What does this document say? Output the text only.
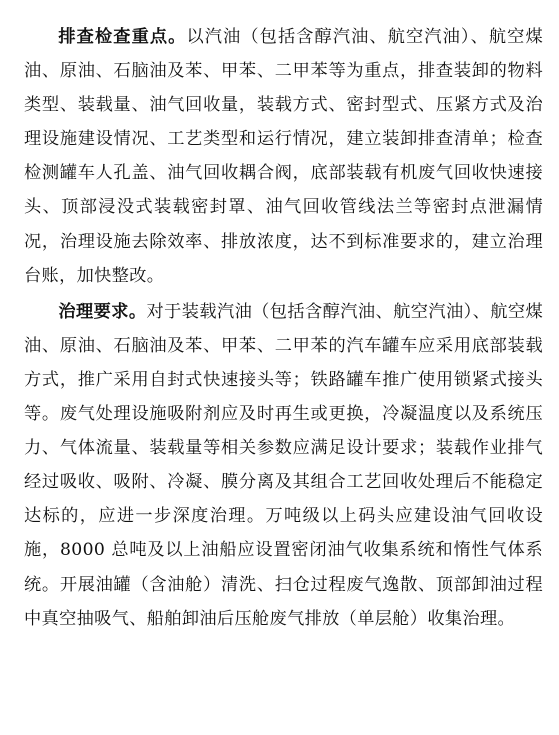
排查检查重点。以汽油（包括含醇汽油、航空汽油）、航空煤油、原油、石脑油及苯、甲苯、二甲苯等为重点，排查装卸的物料类型、装载量、油气回收量，装载方式、密封型式、压紧方式及治理设施建设情况、工艺类型和运行情况，建立装卸排查清单；检查检测罐车人孔盖、油气回收耦合阀，底部装载有机废气回收快速接头、顶部浸没式装载密封罩、油气回收管线法兰等密封点泄漏情况，治理设施去除效率、排放浓度，达不到标准要求的，建立治理台账，加快整改。

治理要求。对于装载汽油（包括含醇汽油、航空汽油）、航空煤油、原油、石脑油及苯、甲苯、二甲苯的汽车罐车应采用底部装载方式，推广采用自封式快速接头等；铁路罐车推广使用锁紧式接头等。废气处理设施吸附剂应及时再生或更换，冷凝温度以及系统压力、气体流量、装载量等相关参数应满足设计要求；装载作业排气经过吸收、吸附、冷凝、膜分离及其组合工艺回收处理后不能稳定达标的，应进一步深度治理。万吨级以上码头应建设油气回收设施，8000 总吨及以上油船应设置密闭油气收集系统和惰性气体系统。开展油罐（含油舱）清洗、扫仓过程废气逸散、顶部卸油过程中真空抽吸气、船舶卸油后压舱废气排放（单层舱）收集治理。
